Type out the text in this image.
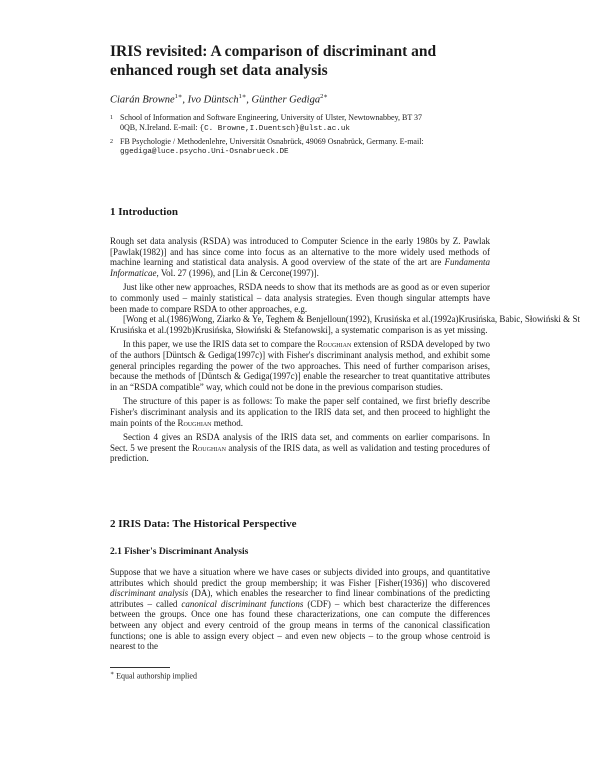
IRIS revisited: A comparison of discriminant and
enhanced rough set data analysis
Ciarán Browne$^{1∗}$, Ivo Düntsch$^{1∗}$, Günther Gediga$^{2∗}$
1 School of Information and Software Engineering, University of Ulster, Newtownabbey, BT 37
0QB, N.Ireland. E-mail: {C. Browne,I.Duentsch}@ulst.ac.uk
2 FB Psychologie / Methodenlehre, Universität Osnabrück, 49069 Osnabrück, Germany. E-mail:
ggediga@luce.psycho.Uni-Osnabrueck.DE
1 Introduction

Rough set data analysis (RSDA) was introduced to Computer Science in the early 1980s by Z. Pawlak [Pawlak(1982)] and has since come into focus as an alternative to the more widely used methods of machine learning and statistical data analysis. A good overview of the state of the art are Fundamenta Informaticae, Vol. 27 (1996), and [Lin & Cercone(1997)].

Just like other new approaches, RSDA needs to show that its methods are as good as or even superior to commonly used – mainly statistical – data analysis strategies. Even though singular attempts have been made to compare RSDA to other approaches, e.g.
[Wong et al.(1986)Wong, Ziarko & Ye, Teghem & Benjelloun(1992), Krusińska et al.(1992a)Krusińska, Babic, Słowiński & St
Krusińska et al.(1992b)Krusińska, Słowiński & Stefanowski], a systematic comparison is as yet missing.

In this paper, we use the IRIS data set to compare the Roughian extension of RSDA developed by two of the authors [Düntsch & Gediga(1997c)] with Fisher's discriminant analysis method, and exhibit some general principles regarding the power of the two approaches. This need of further comparison arises, because the methods of [Düntsch & Gediga(1997c)] enable the researcher to treat quantitative attributes in an “RSDA compatible” way, which could not be done in the previous comparison studies.

The structure of this paper is as follows: To make the paper self contained, we first briefly describe Fisher's discriminant analysis and its application to the IRIS data set, and then proceed to highlight the main points of the Roughian method.

Section 4 gives an RSDA analysis of the IRIS data set, and comments on earlier comparisons. In Sect. 5 we present the Roughian analysis of the IRIS data, as well as validation and testing procedures of prediction.

2 IRIS Data: The Historical Perspective
2.1 Fisher's Discriminant Analysis

Suppose that we have a situation where we have cases or subjects divided into groups, and quantitative attributes which should predict the group membership; it was Fisher [Fisher(1936)] who discovered discriminant analysis (DA), which enables the researcher to find linear combinations of the predicting attributes – called canonical discriminant functions (CDF) – which best characterize the differences between the groups. Once one has found these characterizations, one can compute the differences between any object and every centroid of the group means in terms of the canonical classification functions; one is able to assign every object – and even new objects – to the group whose centroid is nearest to the

∗ Equal authorship implied
